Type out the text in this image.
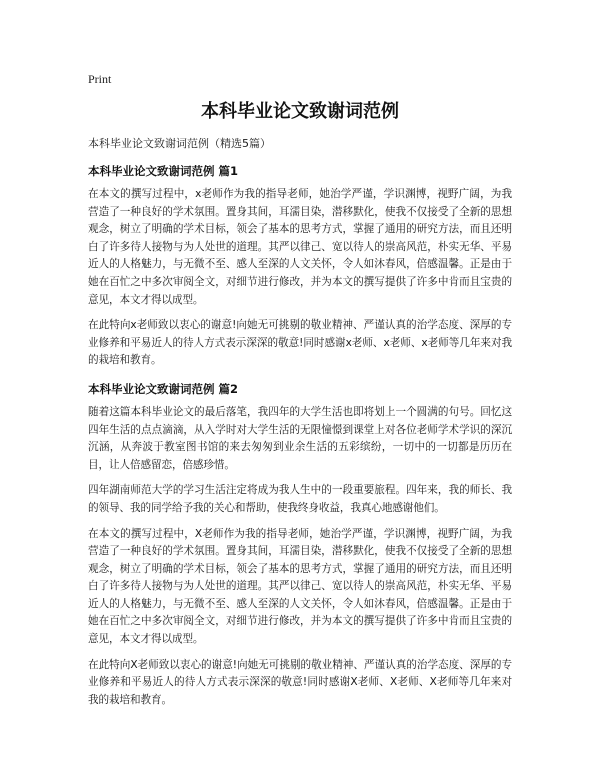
Print
本科毕业论文致谢词范例
本科毕业论文致谢词范例（精选5篇）
本科毕业论文致谢词范例 篇1

在本文的撰写过程中，x老师作为我的指导老师，她治学严谨，学识渊博，视野广阔，为我营造了一种良好的学术氛围。置身其间，耳濡目染，潜移默化，使我不仅接受了全新的思想观念，树立了明确的学术目标，领会了基本的思考方式，掌握了通用的研究方法，而且还明白了许多待人接物与为人处世的道理。其严以律己、宽以待人的崇高风范，朴实无华、平易近人的人格魅力，与无微不至、感人至深的人文关怀，令人如沐春风，倍感温馨。正是由于她在百忙之中多次审阅全文，对细节进行修改，并为本文的撰写提供了许多中肯而且宝贵的意见，本文才得以成型。

在此特向x老师致以衷心的谢意!向她无可挑剔的敬业精神、严谨认真的治学态度、深厚的专业修养和平易近人的待人方式表示深深的敬意!同时感谢x老师、x老师、x老师等几年来对我的栽培和教育。

本科毕业论文致谢词范例 篇2

随着这篇本科毕业论文的最后落笔，我四年的大学生活也即将划上一个圆满的句号。回忆这四年生活的点点滴滴，从入学时对大学生活的无限憧憬到课堂上对各位老师学术学识的深沉沉涵，从奔波于教室图书馆的来去匆匆到业余生活的五彩缤纷，一切中的一切都是历历在目，让人倍感留恋，倍感珍惜。

四年湖南师范大学的学习生活注定将成为我人生中的一段重要旅程。四年来，我的师长、我的领导、我的同学给予我的关心和帮助，使我终身收益，我真心地感谢他们。

在本文的撰写过程中，X老师作为我的指导老师，她治学严谨，学识渊博，视野广阔，为我营造了一种良好的学术氛围。置身其间，耳濡目染，潜移默化，使我不仅接受了全新的思想观念，树立了明确的学术目标，领会了基本的思考方式，掌握了通用的研究方法，而且还明白了许多待人接物与为人处世的道理。其严以律己、宽以待人的崇高风范，朴实无华、平易近人的人格魅力，与无微不至、感人至深的人文关怀，令人如沐春风，倍感温馨。正是由于她在百忙之中多次审阅全文，对细节进行修改，并为本文的撰写提供了许多中肯而且宝贵的意见，本文才得以成型。

在此特向X老师致以衷心的谢意!向她无可挑剔的敬业精神、严谨认真的治学态度、深厚的专业修养和平易近人的待人方式表示深深的敬意!同时感谢X老师、X老师、X老师等几年来对我的栽培和教育。
